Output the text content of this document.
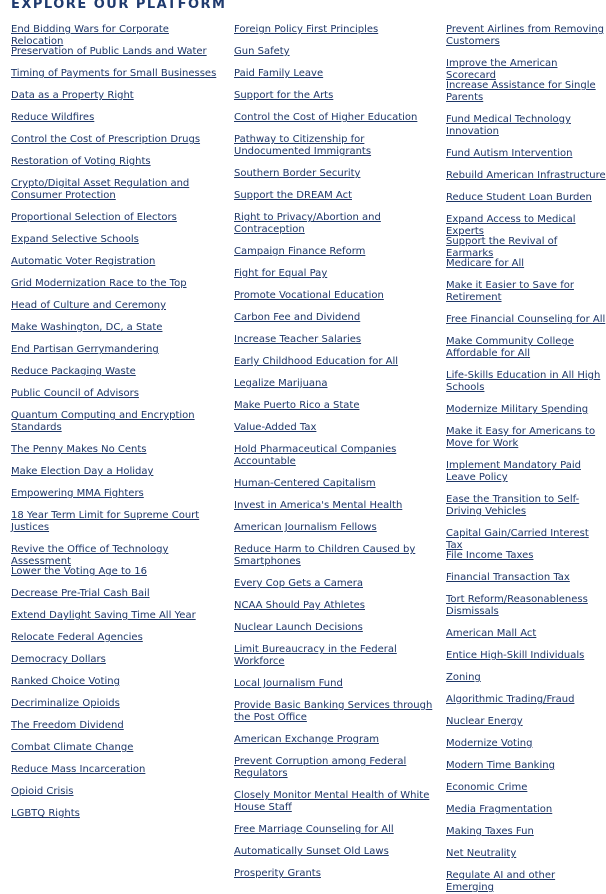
EXPLORE OUR PLATFORM
End Bidding Wars for Corporate Relocation
Preservation of Public Lands and Water
Timing of Payments for Small Businesses
Data as a Property Right
Reduce Wildfires
Control the Cost of Prescription Drugs
Restoration of Voting Rights
Crypto/Digital Asset Regulation and Consumer Protection
Proportional Selection of Electors
Expand Selective Schools
Automatic Voter Registration
Grid Modernization Race to the Top
Head of Culture and Ceremony
Make Washington, DC, a State
End Partisan Gerrymandering
Reduce Packaging Waste
Public Council of Advisors
Quantum Computing and Encryption Standards
The Penny Makes No Cents
Make Election Day a Holiday
Empowering MMA Fighters
18 Year Term Limit for Supreme Court Justices
Revive the Office of Technology Assessment
Lower the Voting Age to 16
Decrease Pre-Trial Cash Bail
Extend Daylight Saving Time All Year
Relocate Federal Agencies
Democracy Dollars
Ranked Choice Voting
Decriminalize Opioids
The Freedom Dividend
Combat Climate Change
Reduce Mass Incarceration
Opioid Crisis
LGBTQ Rights
Foreign Policy First Principles
Gun Safety
Paid Family Leave
Support for the Arts
Control the Cost of Higher Education
Pathway to Citizenship for Undocumented Immigrants
Southern Border Security
Support the DREAM Act
Right to Privacy/Abortion and Contraception
Campaign Finance Reform
Fight for Equal Pay
Promote Vocational Education
Carbon Fee and Dividend
Increase Teacher Salaries
Early Childhood Education for All
Legalize Marijuana
Make Puerto Rico a State
Value-Added Tax
Hold Pharmaceutical Companies Accountable
Human-Centered Capitalism
Invest in America's Mental Health
American Journalism Fellows
Reduce Harm to Children Caused by Smartphones
Every Cop Gets a Camera
NCAA Should Pay Athletes
Nuclear Launch Decisions
Limit Bureaucracy in the Federal Workforce
Local Journalism Fund
Provide Basic Banking Services through the Post Office
American Exchange Program
Prevent Corruption among Federal Regulators
Closely Monitor Mental Health of White House Staff
Free Marriage Counseling for All
Automatically Sunset Old Laws
Prosperity Grants
Prevent Airlines from Removing Customers
Improve the American Scorecard
Increase Assistance for Single Parents
Fund Medical Technology Innovation
Fund Autism Intervention
Rebuild American Infrastructure
Reduce Student Loan Burden
Expand Access to Medical Experts
Support the Revival of Earmarks
Medicare for All
Make it Easier to Save for Retirement
Free Financial Counseling for All
Make Community College Affordable for All
Life-Skills Education in All High Schools
Modernize Military Spending
Make it Easy for Americans to Move for Work
Implement Mandatory Paid Leave Policy
Ease the Transition to Self-Driving Vehicles
Capital Gain/Carried Interest Tax
File Income Taxes
Financial Transaction Tax
Tort Reform/Reasonableness Dismissals
American Mall Act
Entice High-Skill Individuals
Zoning
Algorithmic Trading/Fraud
Nuclear Energy
Modernize Voting
Modern Time Banking
Economic Crime
Media Fragmentation
Making Taxes Fun
Net Neutrality
Regulate AI and other Emerging
